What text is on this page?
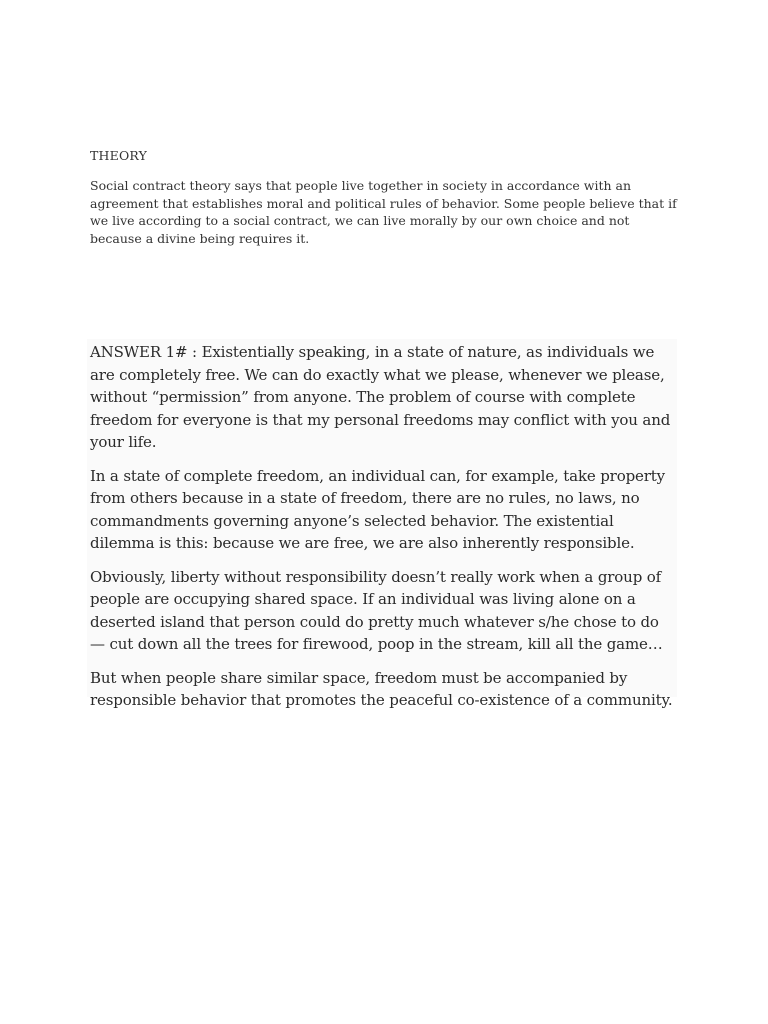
THEORY

Social contract theory says that people live together in society in accordance with an agreement that establishes moral and political rules of behavior. Some people believe that if we live according to a social contract, we can live morally by our own choice and not because a divine being requires it.

ANSWER 1# : Existentially speaking, in a state of nature, as individuals we are completely free. We can do exactly what we please, whenever we please, without “permission” from anyone. The problem of course with complete freedom for everyone is that my personal freedoms may conflict with you and your life.

In a state of complete freedom, an individual can, for example, take property from others because in a state of freedom, there are no rules, no laws, no commandments governing anyone’s selected behavior. The existential dilemma is this: because we are free, we are also inherently responsible.

Obviously, liberty without responsibility doesn’t really work when a group of people are occupying shared space. If an individual was living alone on a deserted island that person could do pretty much whatever s/he chose to do — cut down all the trees for firewood, poop in the stream, kill all the game…

But when people share similar space, freedom must be accompanied by responsible behavior that promotes the peaceful co-existence of a community.
